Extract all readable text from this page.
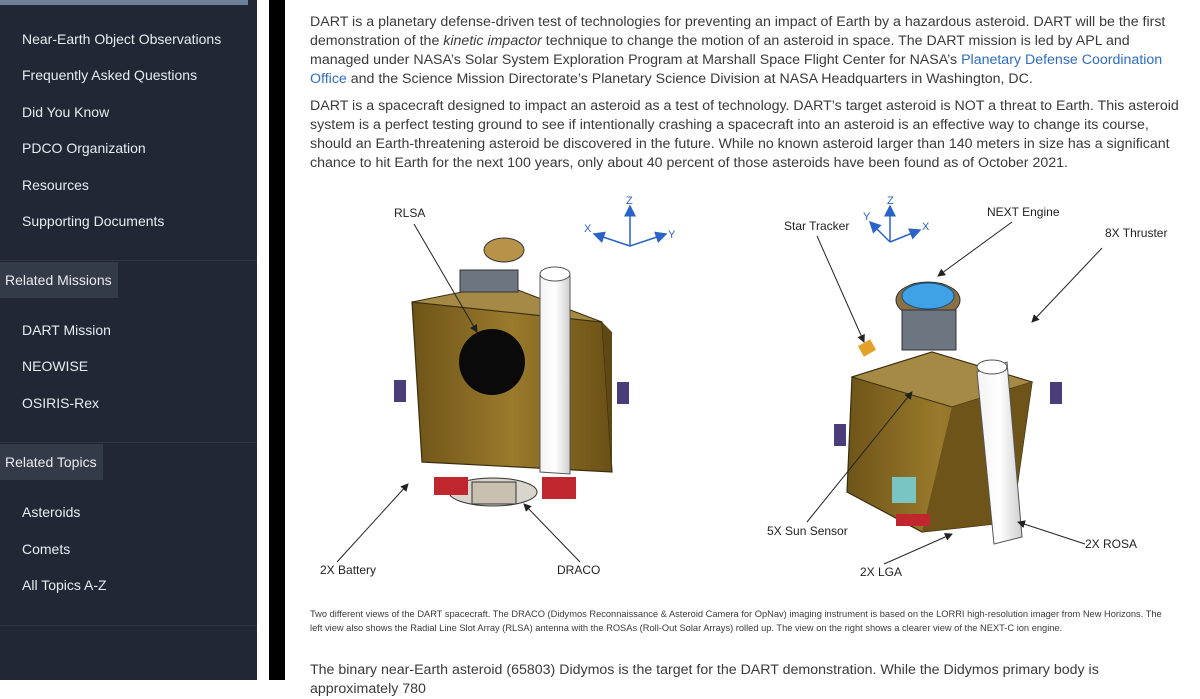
Near-Earth Object Observations
Frequently Asked Questions
Did You Know
PDCO Organization
Resources
Supporting Documents
Related Missions
DART Mission
NEOWISE
OSIRIS-Rex
Related Topics
Asteroids
Comets
All Topics A-Z

DART is a planetary defense-driven test of technologies for preventing an impact of Earth by a hazardous asteroid. DART will be the first demonstration of the kinetic impactor technique to change the motion of an asteroid in space. The DART mission is led by APL and managed under NASA’s Solar System Exploration Program at Marshall Space Flight Center for NASA’s Planetary Defense Coordination Office and the Science Mission Directorate’s Planetary Science Division at NASA Headquarters in Washington, DC.

DART is a spacecraft designed to impact an asteroid as a test of technology. DART’s target asteroid is NOT a threat to Earth. This asteroid system is a perfect testing ground to see if intentionally crashing a spacecraft into an asteroid is an effective way to change its course, should an Earth-threatening asteroid be discovered in the future. While no known asteroid larger than 140 meters in size has a significant chance to hit Earth for the next 100 years, only about 40 percent of those asteroids have been found as of October 2021.

The binary near-Earth asteroid (65803) Didymos is the target for the DART demonstration. While the Didymos primary body is approximately 780

Z
X	Y
Z
Y
X
RLSA
2X Battery	DRACO
Star Tracker
NEXT Engine
8X Thruster
5X Sun Sensor
2X LGA
2X ROSA

Two different views of the DART spacecraft. The DRACO (Didymos Reconnaissance & Asteroid Camera for OpNav) imaging instrument is based on the LORRI high-resolution imager from New Horizons. The left view also shows the Radial Line Slot Array (RLSA) antenna with the ROSAs (Roll-Out Solar Arrays) rolled up. The view on the right shows a clearer view of the NEXT-C ion engine.
